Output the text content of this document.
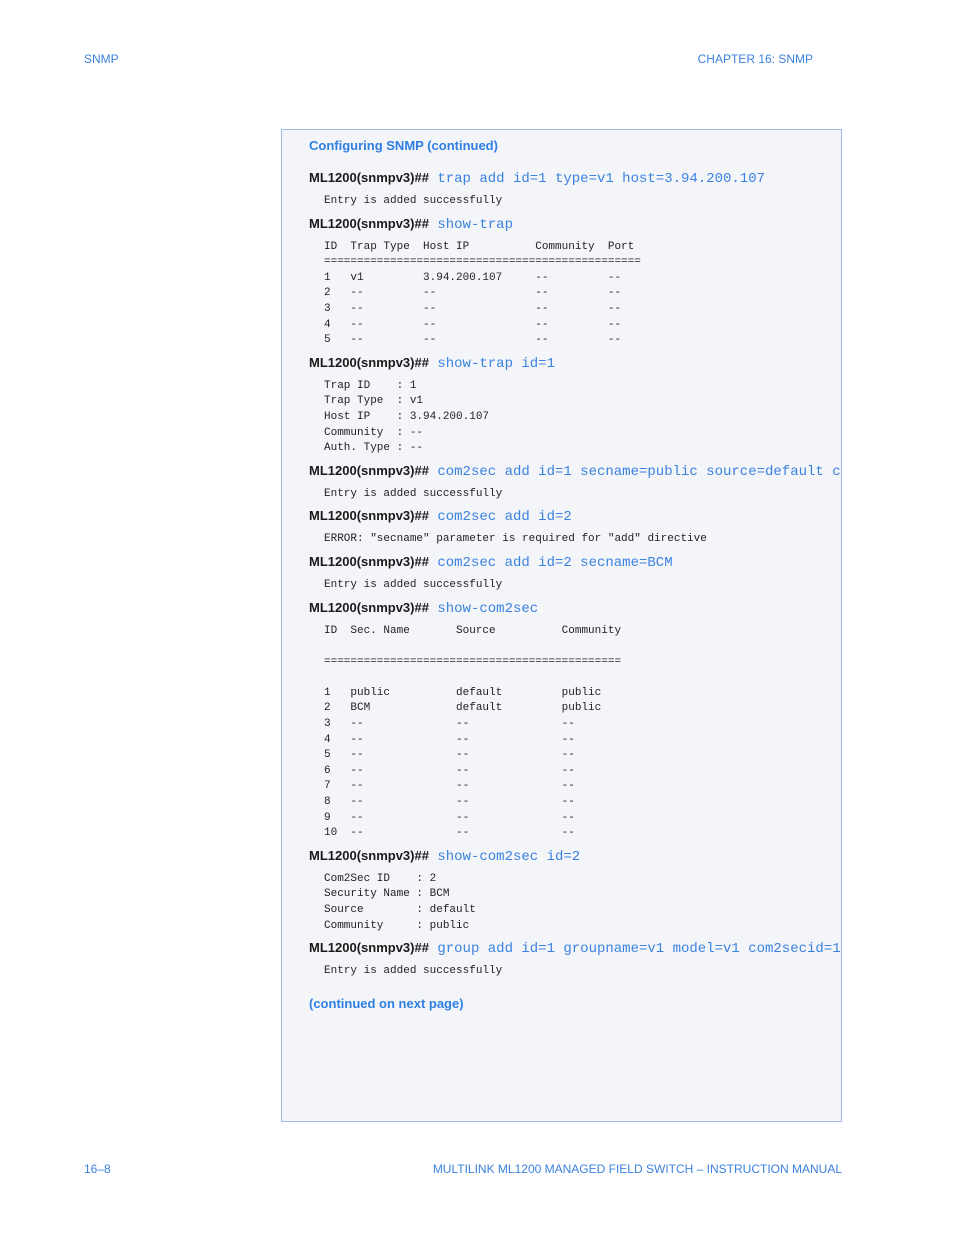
SNMP	CHAPTER 16: SNMP
Configuring SNMP (continued)
ML1200(snmpv3)## trap add id=1 type=v1 host=3.94.200.107
Entry is added successfully
ML1200(snmpv3)## show-trap
ID  Trap Type  Host IP          Community  Port
================================================
1   v1         3.94.200.107     --         --
2   --         --               --         --
3   --         --               --         --
4   --         --               --         --
5   --         --               --         --
ML1200(snmpv3)## show-trap id=1
Trap ID    : 1
Trap Type  : v1
Host IP    : 3.94.200.107
Community  : --
Auth. Type : --
ML1200(snmpv3)## com2sec add id=1 secname=public source=default c
Entry is added successfully
ML1200(snmpv3)## com2sec add id=2
ERROR: "secname" parameter is required for "add" directive
ML1200(snmpv3)## com2sec add id=2 secname=BCM
Entry is added successfully
ML1200(snmpv3)## show-com2sec
ID  Sec. Name       Source          Community

=============================================

1   public          default         public
2   BCM             default         public
3   --              --              --
4   --              --              --
5   --              --              --
6   --              --              --
7   --              --              --
8   --              --              --
9   --              --              --
10  --              --              --
ML1200(snmpv3)## show-com2sec id=2
Com2Sec ID    : 2
Security Name : BCM
Source        : default
Community     : public
ML1200(snmpv3)## group add id=1 groupname=v1 model=v1 com2secid=1
Entry is added successfully
(continued on next page)
16–8	MULTILINK ML1200 MANAGED FIELD SWITCH – INSTRUCTION MANUAL
